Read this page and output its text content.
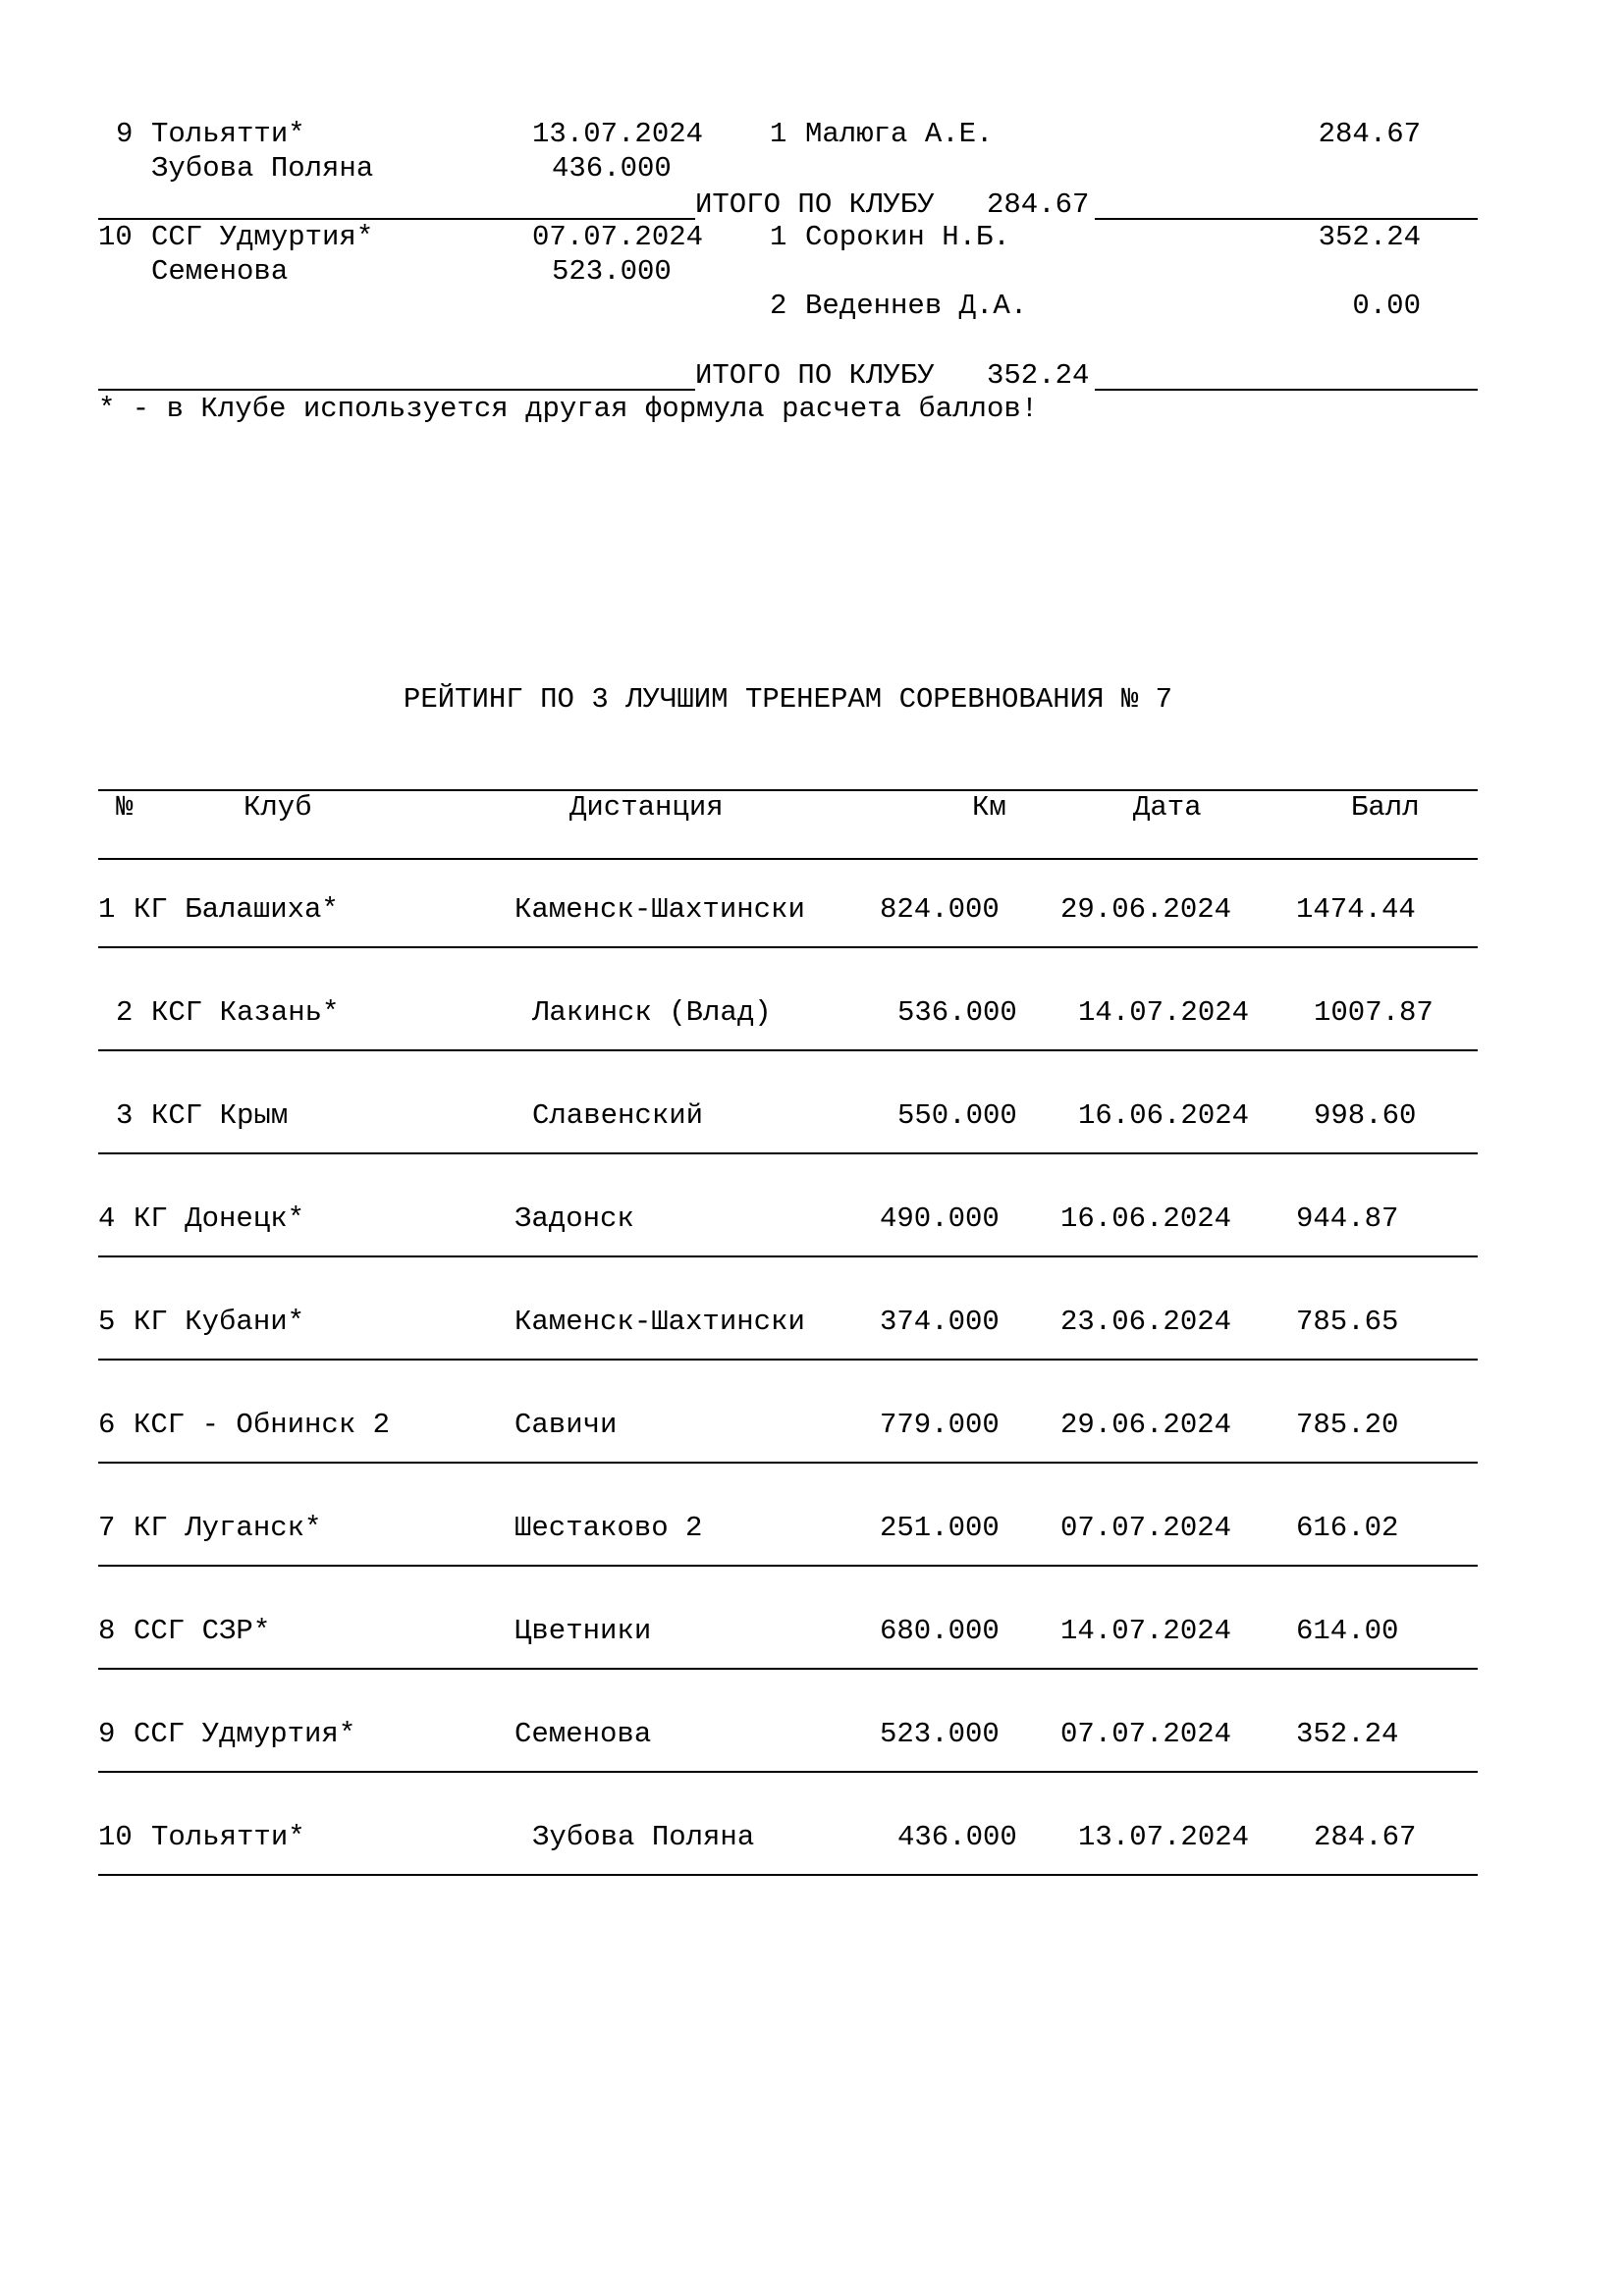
9 Тольятти*	13.07.2024 1 Малюга А.Е.	284.67
Зубова Поляна	436.000
ИТОГО ПО КЛУБУ 284.67
10 ССГ Удмуртия*	07.07.2024 1 Сорокин Н.Б.	352.24
Семенова	523.000
2 Веденнев Д.А.	0.00
ИТОГО ПО КЛУБУ 352.24
* - в Клубе используется другая формула расчета баллов!
РЕЙТИНГ ПО 3 ЛУЧШИМ ТРЕНЕРАМ СОРЕВНОВАНИЯ № 7
№	Клуб	Дистанция	Км	Дата	Балл
1 КГ Балашиха*	Каменск-Шахтински	824.000 29.06.2024 1474.44
2 КСГ Казань*	Лакинск (Влад)	536.000 14.07.2024 1007.87
3 КСГ Крым	Славенский	550.000 16.06.2024 998.60
4 КГ Донецк*	Задонск	490.000 16.06.2024 944.87
5 КГ Кубани*	Каменск-Шахтински	374.000 23.06.2024 785.65
6 КСГ - Обнинск 2	Савичи	779.000 29.06.2024 785.20
7 КГ Луганск*	Шестаково 2	251.000 07.07.2024 616.02
8 ССГ СЗР*	Цветники	680.000 14.07.2024 614.00
9 ССГ Удмуртия*	Семенова	523.000 07.07.2024 352.24
10 Тольятти*	Зубова Поляна	436.000 13.07.2024 284.67
